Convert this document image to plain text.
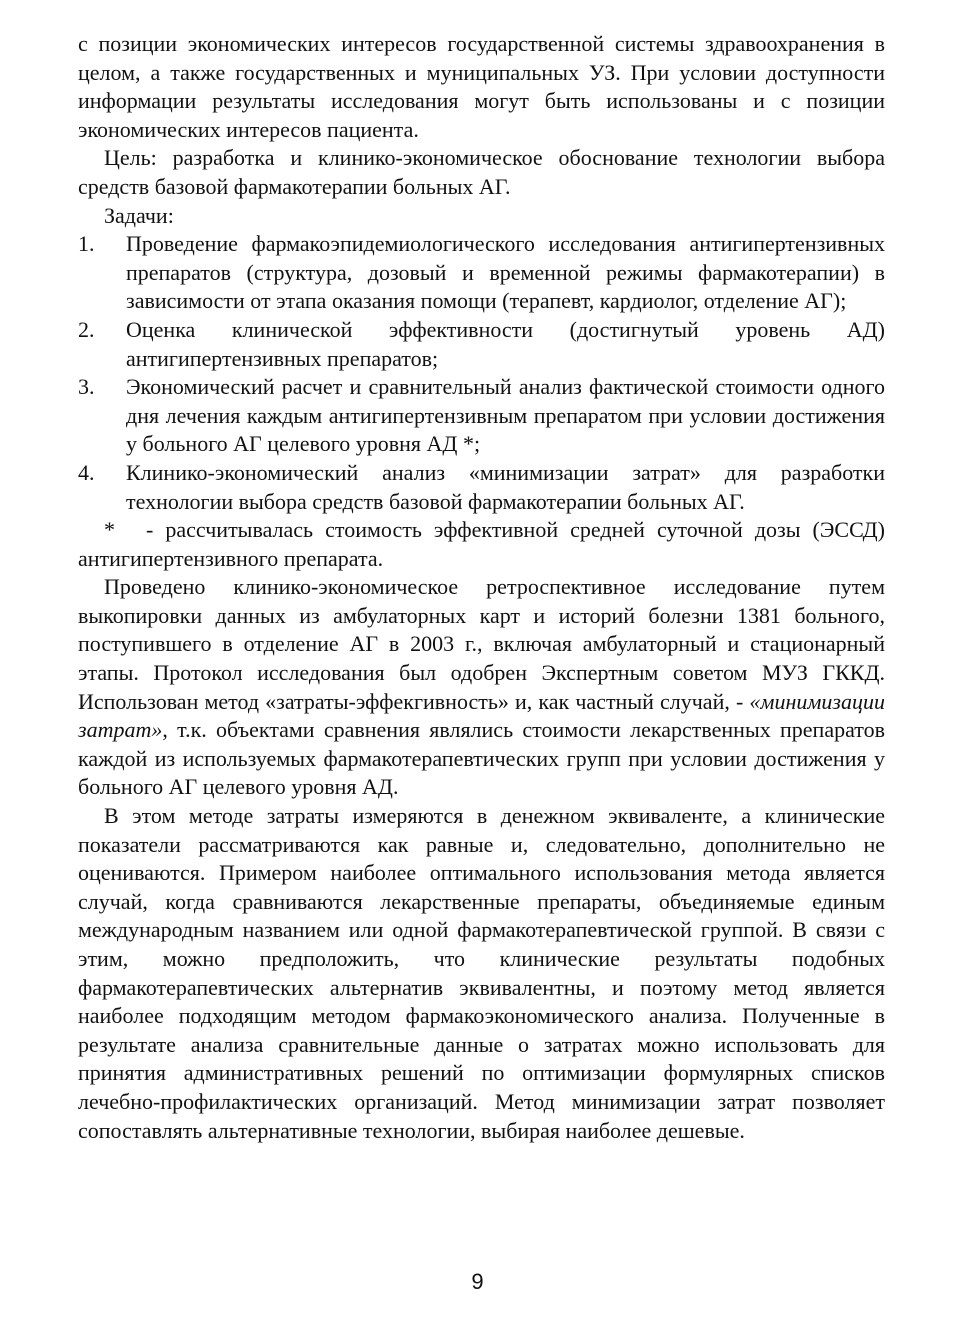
с позиции экономических интересов государственной системы здравоохранения в целом, а также государственных и муниципальных УЗ. При условии доступности информации результаты исследования могут быть использованы и с позиции экономических интересов пациента.

Цель: разработка и клинико-экономическое обоснование технологии выбора средств базовой фармакотерапии больных АГ.

Задачи:

1. Проведение фармакоэпидемиологического исследования антигипертензивных препаратов (структура, дозовый и временной режимы фармакотерапии) в зависимости от этапа оказания помощи (терапевт, кардиолог, отделение АГ);
2. Оценка клинической эффективности (достигнутый уровень АД) антигипертензивных препаратов;
3. Экономический расчет и сравнительный анализ фактической стоимости одного дня лечения каждым антигипертензивным препаратом при условии достижения у больного АГ целевого уровня АД *;
4. Клинико-экономический анализ «минимизации затрат» для разработки технологии выбора средств базовой фармакотерапии больных АГ.

* - рассчитывалась стоимость эффективной средней суточной дозы (ЭССД) антигипертензивного препарата.

Проведено клинико-экономическое ретроспективное исследование путем выкопировки данных из амбулаторных карт и историй болезни 1381 больного, поступившего в отделение АГ в 2003 г., включая амбулаторный и стационарный этапы. Протокол исследования был одобрен Экспертным советом МУЗ ГККД. Использован метод «затраты-эффекгивность» и, как частный случай, - «минимизации затрат», т.к. объектами сравнения являлись стоимости лекарственных препаратов каждой из используемых фармакотерапевтических групп при условии достижения у больного АГ целевого уровня АД.

В этом методе затраты измеряются в денежном эквиваленте, а клинические показатели рассматриваются как равные и, следовательно, дополнительно не оцениваются. Примером наиболее оптимального использования метода является случай, когда сравниваются лекарственные препараты, объединяемые единым международным названием или одной фармакотерапевтической группой. В связи с этим, можно предположить, что клинические результаты подобных фармакотерапевтических альтернатив эквивалентны, и поэтому метод является наиболее подходящим методом фармакоэкономического анализа. Полученные в результате анализа сравнительные данные о затратах можно использовать для принятия административных решений по оптимизации формулярных списков лечебно-профилактических организаций. Метод минимизации затрат позволяет сопоставлять альтернативные технологии, выбирая наиболее дешевые.

9
